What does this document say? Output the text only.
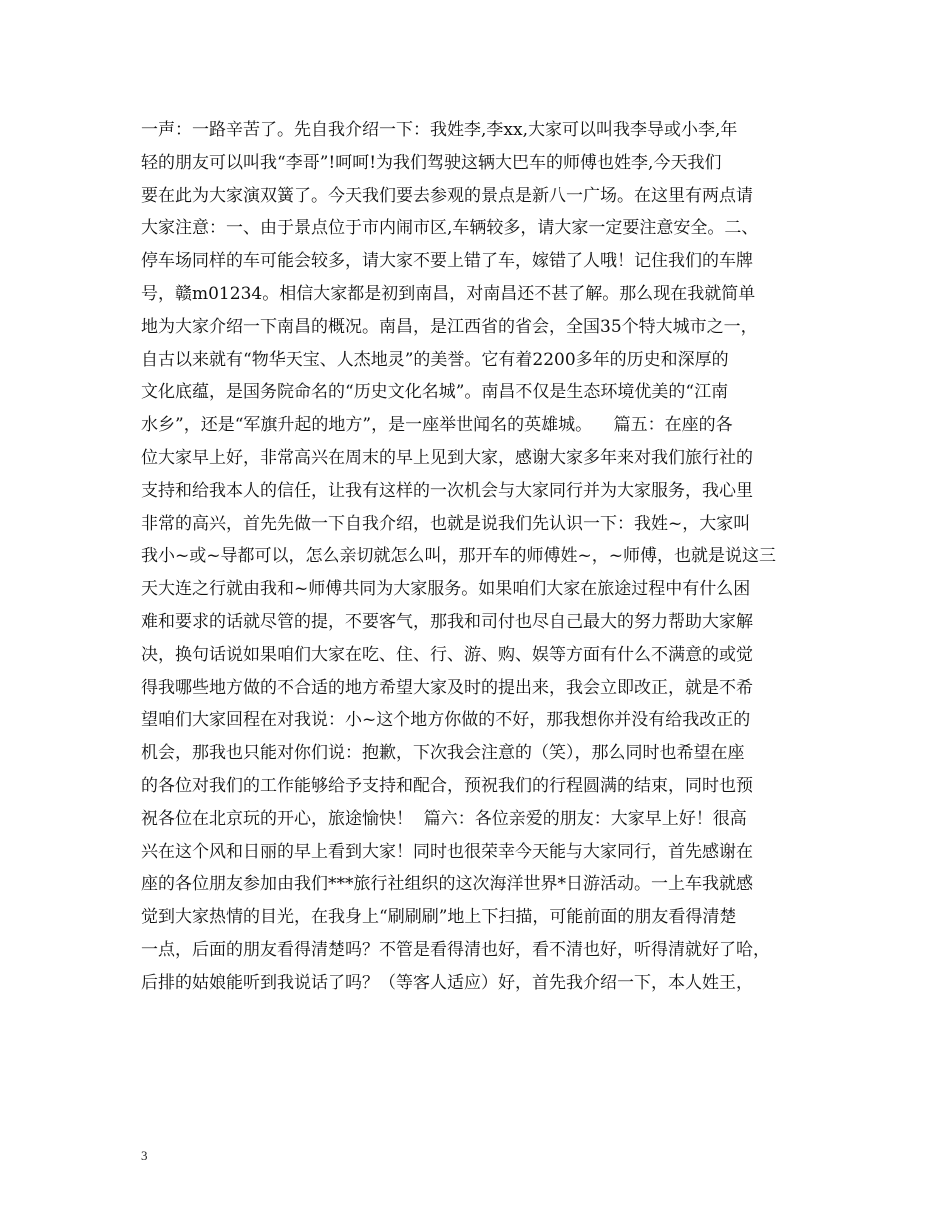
一声：一路辛苦了。先自我介绍一下：我姓李,李xx,大家可以叫我李导或小李,年
轻的朋友可以叫我“李哥”!呵呵!为我们驾驶这辆大巴车的师傅也姓李,今天我们
要在此为大家演双簧了。今天我们要去参观的景点是新八一广场。在这里有两点请
大家注意：一、由于景点位于市内闹市区,车辆较多，请大家一定要注意安全。二、
停车场同样的车可能会较多，请大家不要上错了车，嫁错了人哦！记住我们的车牌
号，赣m01234。相信大家都是初到南昌，对南昌还不甚了解。那么现在我就简单
地为大家介绍一下南昌的概况。南昌，是江西省的省会，全国35个特大城市之一，
自古以来就有“物华天宝、人杰地灵”的美誉。它有着2200多年的历史和深厚的
文化底蕴，是国务院命名的“历史文化名城”。南昌不仅是生态环境优美的“江南
水乡”，还是“军旗升起的地方”，是一座举世闻名的英雄城。    篇五：在座的各
位大家早上好，非常高兴在周末的早上见到大家，感谢大家多年来对我们旅行社的
支持和给我本人的信任，让我有这样的一次机会与大家同行并为大家服务，我心里
非常的高兴，首先先做一下自我介绍，也就是说我们先认识一下：我姓~，大家叫
我小~或~导都可以，怎么亲切就怎么叫，那开车的师傅姓~，~师傅，也就是说这三
天大连之行就由我和~师傅共同为大家服务。如果咱们大家在旅途过程中有什么困
难和要求的话就尽管的提，不要客气，那我和司付也尽自己最大的努力帮助大家解
决，换句话说如果咱们大家在吃、住、行、游、购、娱等方面有什么不满意的或觉
得我哪些地方做的不合适的地方希望大家及时的提出来，我会立即改正，就是不希
望咱们大家回程在对我说：小~这个地方你做的不好，那我想你并没有给我改正的
机会，那我也只能对你们说：抱歉，下次我会注意的（笑），那么同时也希望在座
的各位对我们的工作能够给予支持和配合，预祝我们的行程圆满的结束，同时也预
祝各位在北京玩的开心，旅途愉快！  篇六：各位亲爱的朋友：大家早上好！很高
兴在这个风和日丽的早上看到大家！同时也很荣幸今天能与大家同行，首先感谢在
座的各位朋友参加由我们***旅行社组织的这次海洋世界*日游活动。一上车我就感
觉到大家热情的目光，在我身上“刷刷刷”地上下扫描，可能前面的朋友看得清楚
一点，后面的朋友看得清楚吗？不管是看得清也好，看不清也好，听得清就好了哈，
后排的姑娘能听到我说话了吗？（等客人适应）好，首先我介绍一下，本人姓王，
3
